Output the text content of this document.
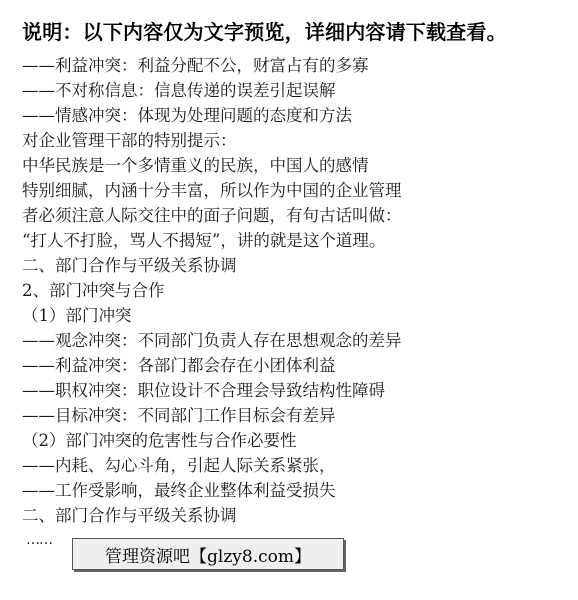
说明：以下内容仅为文字预览，详细内容请下载查看。
——利益冲突：利益分配不公，财富占有的多寡
——不对称信息：信息传递的误差引起误解
——情感冲突：体现为处理问题的态度和方法
对企业管理干部的特别提示：
中华民族是一个多情重义的民族，中国人的感情
特别细腻，内涵十分丰富，所以作为中国的企业管理
者必须注意人际交往中的面子问题，有句古话叫做：
“打人不打脸，骂人不揭短”，讲的就是这个道理。
二、部门合作与平级关系协调
2、部门冲突与合作
（1）部门冲突
——观念冲突：不同部门负责人存在思想观念的差异
——利益冲突：各部门都会存在小团体利益
——职权冲突：职位设计不合理会导致结构性障碍
——目标冲突：不同部门工作目标会有差异
（2）部门冲突的危害性与合作必要性
——内耗、勾心斗角，引起人际关系紧张，
——工作受影响，最终企业整体利益受损失
二、部门合作与平级关系协调
……
管理资源吧【glzy8.com】
